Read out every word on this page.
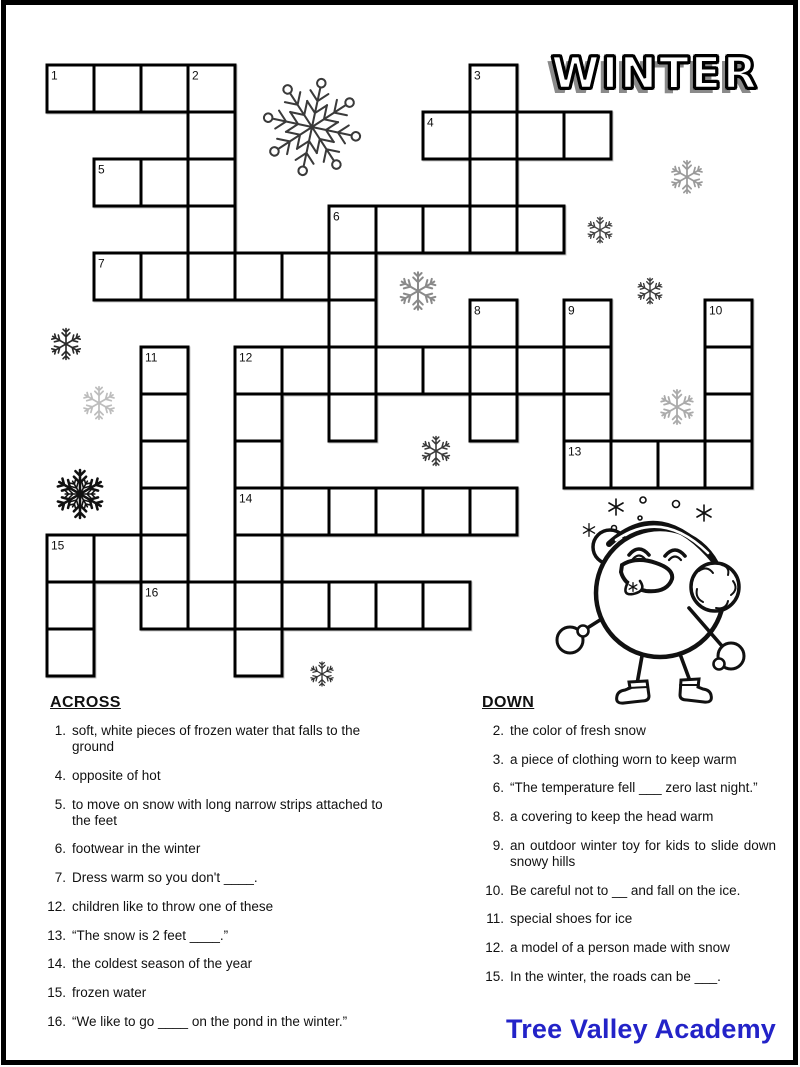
1	2	3
4
5
6
7
8	9	10
11	12
13
14
15
16
WINTER
ACROSS
1. soft, white pieces of frozen water that falls to the ground
4. opposite of hot
5. to move on snow with long narrow strips attached to the feet
6. footwear in the winter
7. Dress warm so you don't ____.
12. children like to throw one of these
13. “The snow is 2 feet ____.”
14. the coldest season of the year
15. frozen water
16. “We like to go ____ on the pond in the winter.”
DOWN
2. the color of fresh snow
3. a piece of clothing worn to keep warm
6. “The temperature fell ___ zero last night.”
8. a covering to keep the head warm
9. an outdoor winter toy for kids to slide down snowy hills
10. Be careful not to __ and fall on the ice.
11. special shoes for ice
12. a model of a person made with snow
15. In the winter, the roads can be ___.
Tree Valley Academy
